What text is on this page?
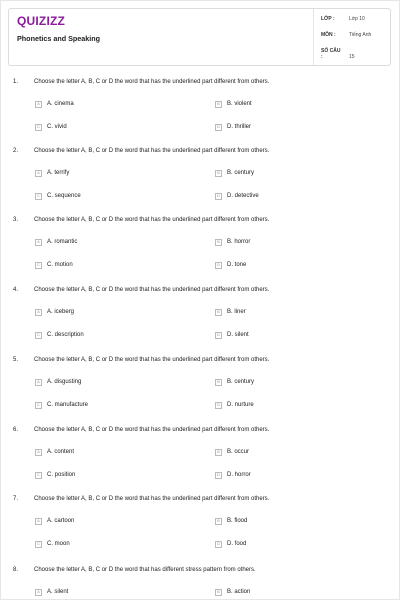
QUIZIZZ
Phonetics and Speaking
LỚP :	Lớp 10
MÔN :	Tiếng Anh
SỐ CÂU :	15
1.	Choose the letter A, B, C or D the word that has the underlined part different from others.
A	A. cinema	B	B. violent
C	C. vivid	D	D. thriller
2.	Choose the letter A, B, C or D the word that has the underlined part different from others.
A	A. terrify	B	B. century
C	C. sequence	D	D. detective
3.	Choose the letter A, B, C or D the word that has the underlined part different from others.
A	A. romantic	B	B. horror
C	C. motion	D	D. tone
4.	Choose the letter A, B, C or D the word that has the underlined part different from others.
A	A. iceberg	B	B. liner
C	C. description	D	D. silent
5.	Choose the letter A, B, C or D the word that has the underlined part different from others.
A	A. disgusting	B	B. century
C	C. manufacture	D	D. nurture
6.	Choose the letter A, B, C or D the word that has the underlined part different from others.
A	A. content	B	B. occur
C	C. position	D	D. horror
7.	Choose the letter A, B, C or D the word that has the underlined part different from others.
A	A. cartoon	B	B. flood
C	C. moon	D	D. food
8.	Choose the letter A, B, C or D the word that has different stress pattern from others.
A	A. silent	B	B. action
